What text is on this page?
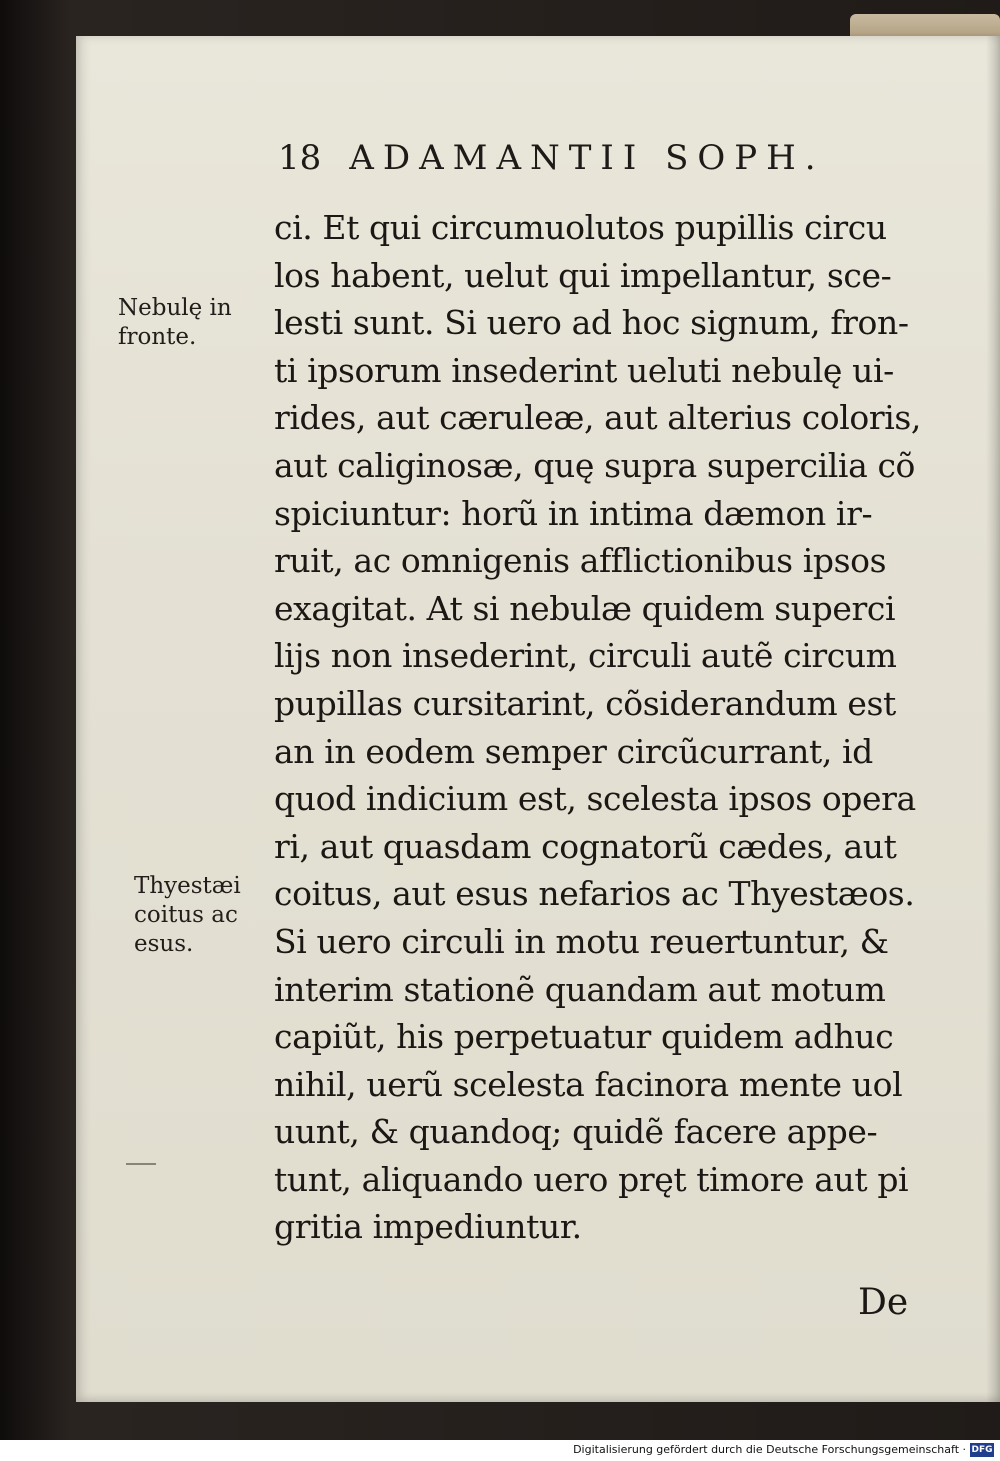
18 ADAMANTII SOPH.
Nebulę in
fronte.
Thyestæi
coitus ac
esus.
ci. Et qui circumuolutos pupillis circu
los habent, uelut qui impellantur, sce-
lesti sunt. Si uero ad hoc signum, fron-
ti ipsorum insederint ueluti nebulę ui-
rides, aut cæruleæ, aut alterius coloris,
aut caliginosæ, quę supra supercilia cõ
spiciuntur: horũ in intima dæmon ir-
ruit, ac omnigenis afflictionibus ipsos
exagitat. At si nebulæ quidem superci
lijs non insederint, circuli autẽ circum
pupillas cursitarint, cõsiderandum est
an in eodem semper circũcurrant, id
quod indicium est, scelesta ipsos opera
ri, aut quasdam cognatorũ cædes, aut
coitus, aut esus nefarios ac Thyestæos.
Si uero circuli in motu reuertuntur, &
interim stationẽ quandam aut motum
capiũt, his perpetuatur quidem adhuc
nihil, uerũ scelesta facinora mente uol
uunt, & quandoq; quidẽ facere appe-
tunt, aliquando uero pręt timore aut pi
gritia impediuntur.
De
Digitalisierung gefördert durch die Deutsche Forschungsgemeinschaft · DFG
